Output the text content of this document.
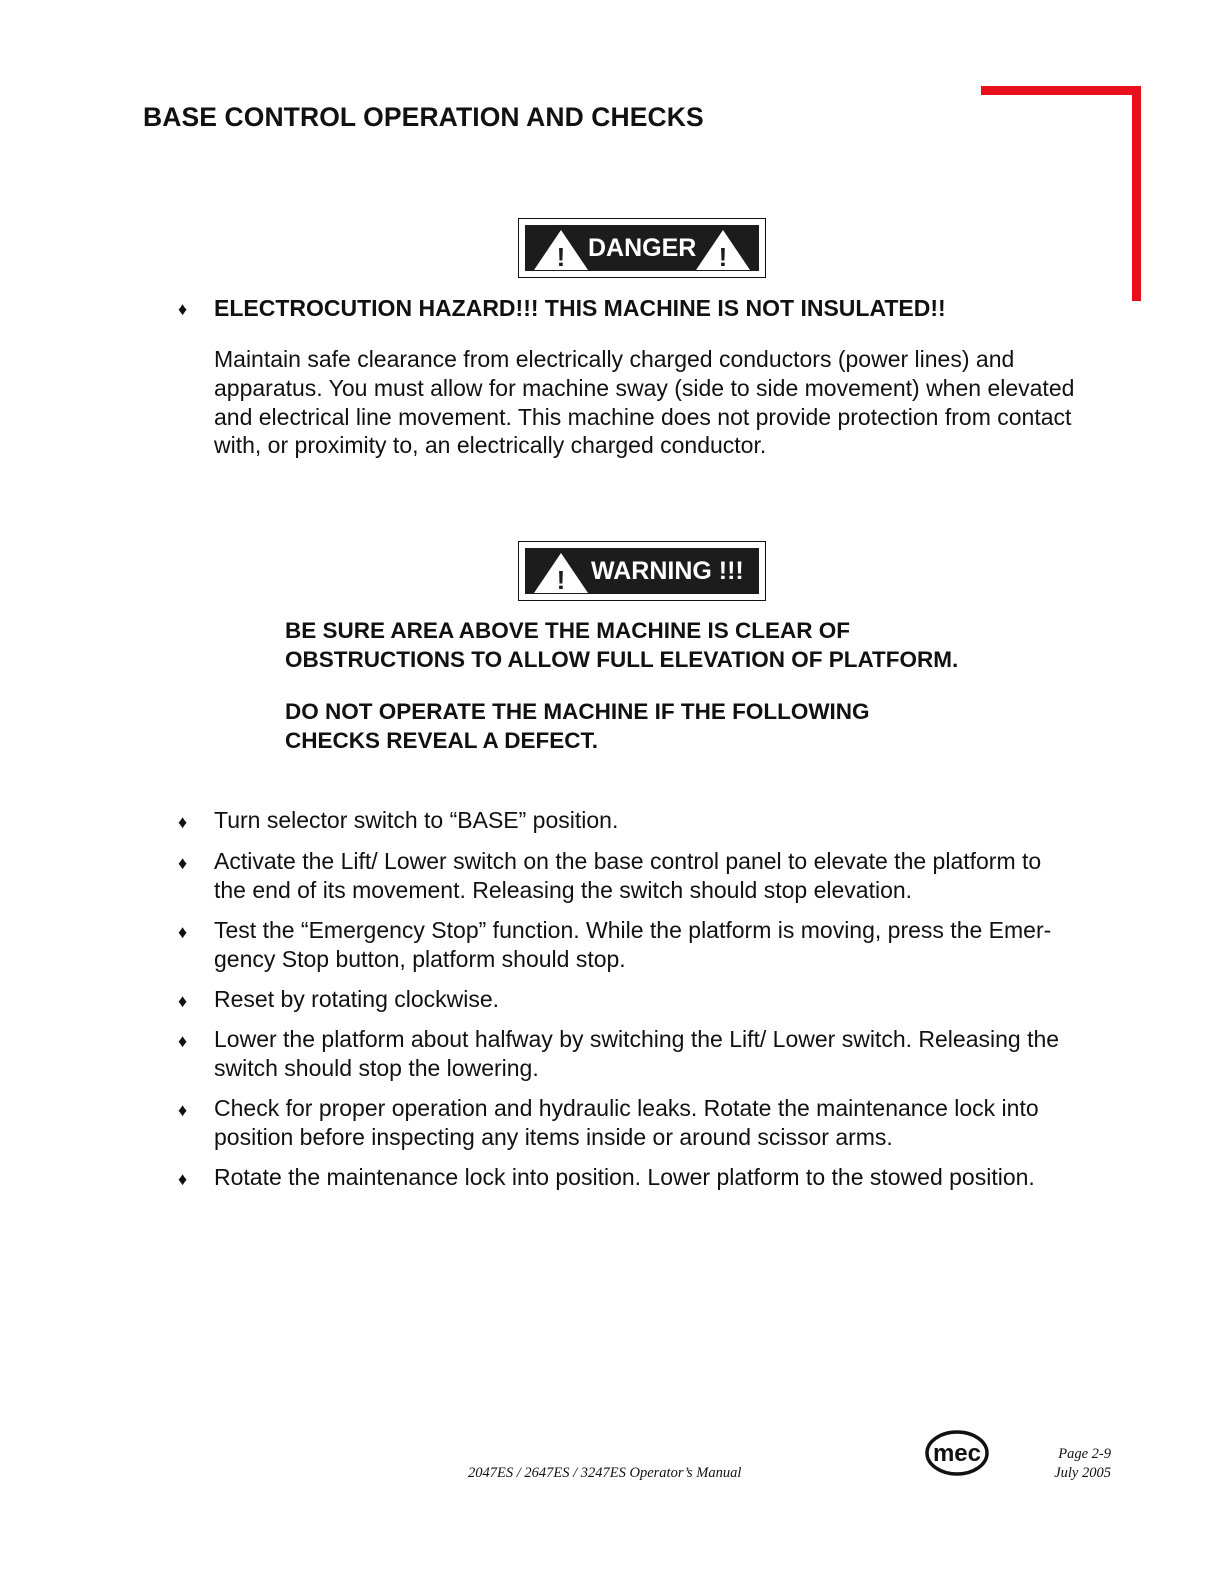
BASE CONTROL OPERATION AND CHECKS
! DANGER !
♦ ELECTROCUTION HAZARD!!! THIS MACHINE IS NOT INSULATED!!
Maintain safe clearance from electrically charged conductors (power lines) and
apparatus. You must allow for machine sway (side to side movement) when elevated
and electrical line movement. This machine does not provide protection from contact
with, or proximity to, an electrically charged conductor.
! WARNING !!!
BE SURE AREA ABOVE THE MACHINE IS CLEAR OF
OBSTRUCTIONS TO ALLOW FULL ELEVATION OF PLATFORM.
DO NOT OPERATE THE MACHINE IF THE FOLLOWING
CHECKS REVEAL A DEFECT.
♦ Turn selector switch to “BASE” position.
♦ Activate the Lift/ Lower switch on the base control panel to elevate the platform to
the end of its movement. Releasing the switch should stop elevation.
♦ Test the “Emergency Stop” function. While the platform is moving, press the Emer-
gency Stop button, platform should stop.
♦ Reset by rotating clockwise.
♦ Lower the platform about halfway by switching the Lift/ Lower switch. Releasing the
switch should stop the lowering.
♦ Check for proper operation and hydraulic leaks. Rotate the maintenance lock into
position before inspecting any items inside or around scissor arms.
♦ Rotate the maintenance lock into position. Lower platform to the stowed position.
2047ES / 2647ES / 3247ES Operator’s Manual
mec	Page 2-9
July 2005
